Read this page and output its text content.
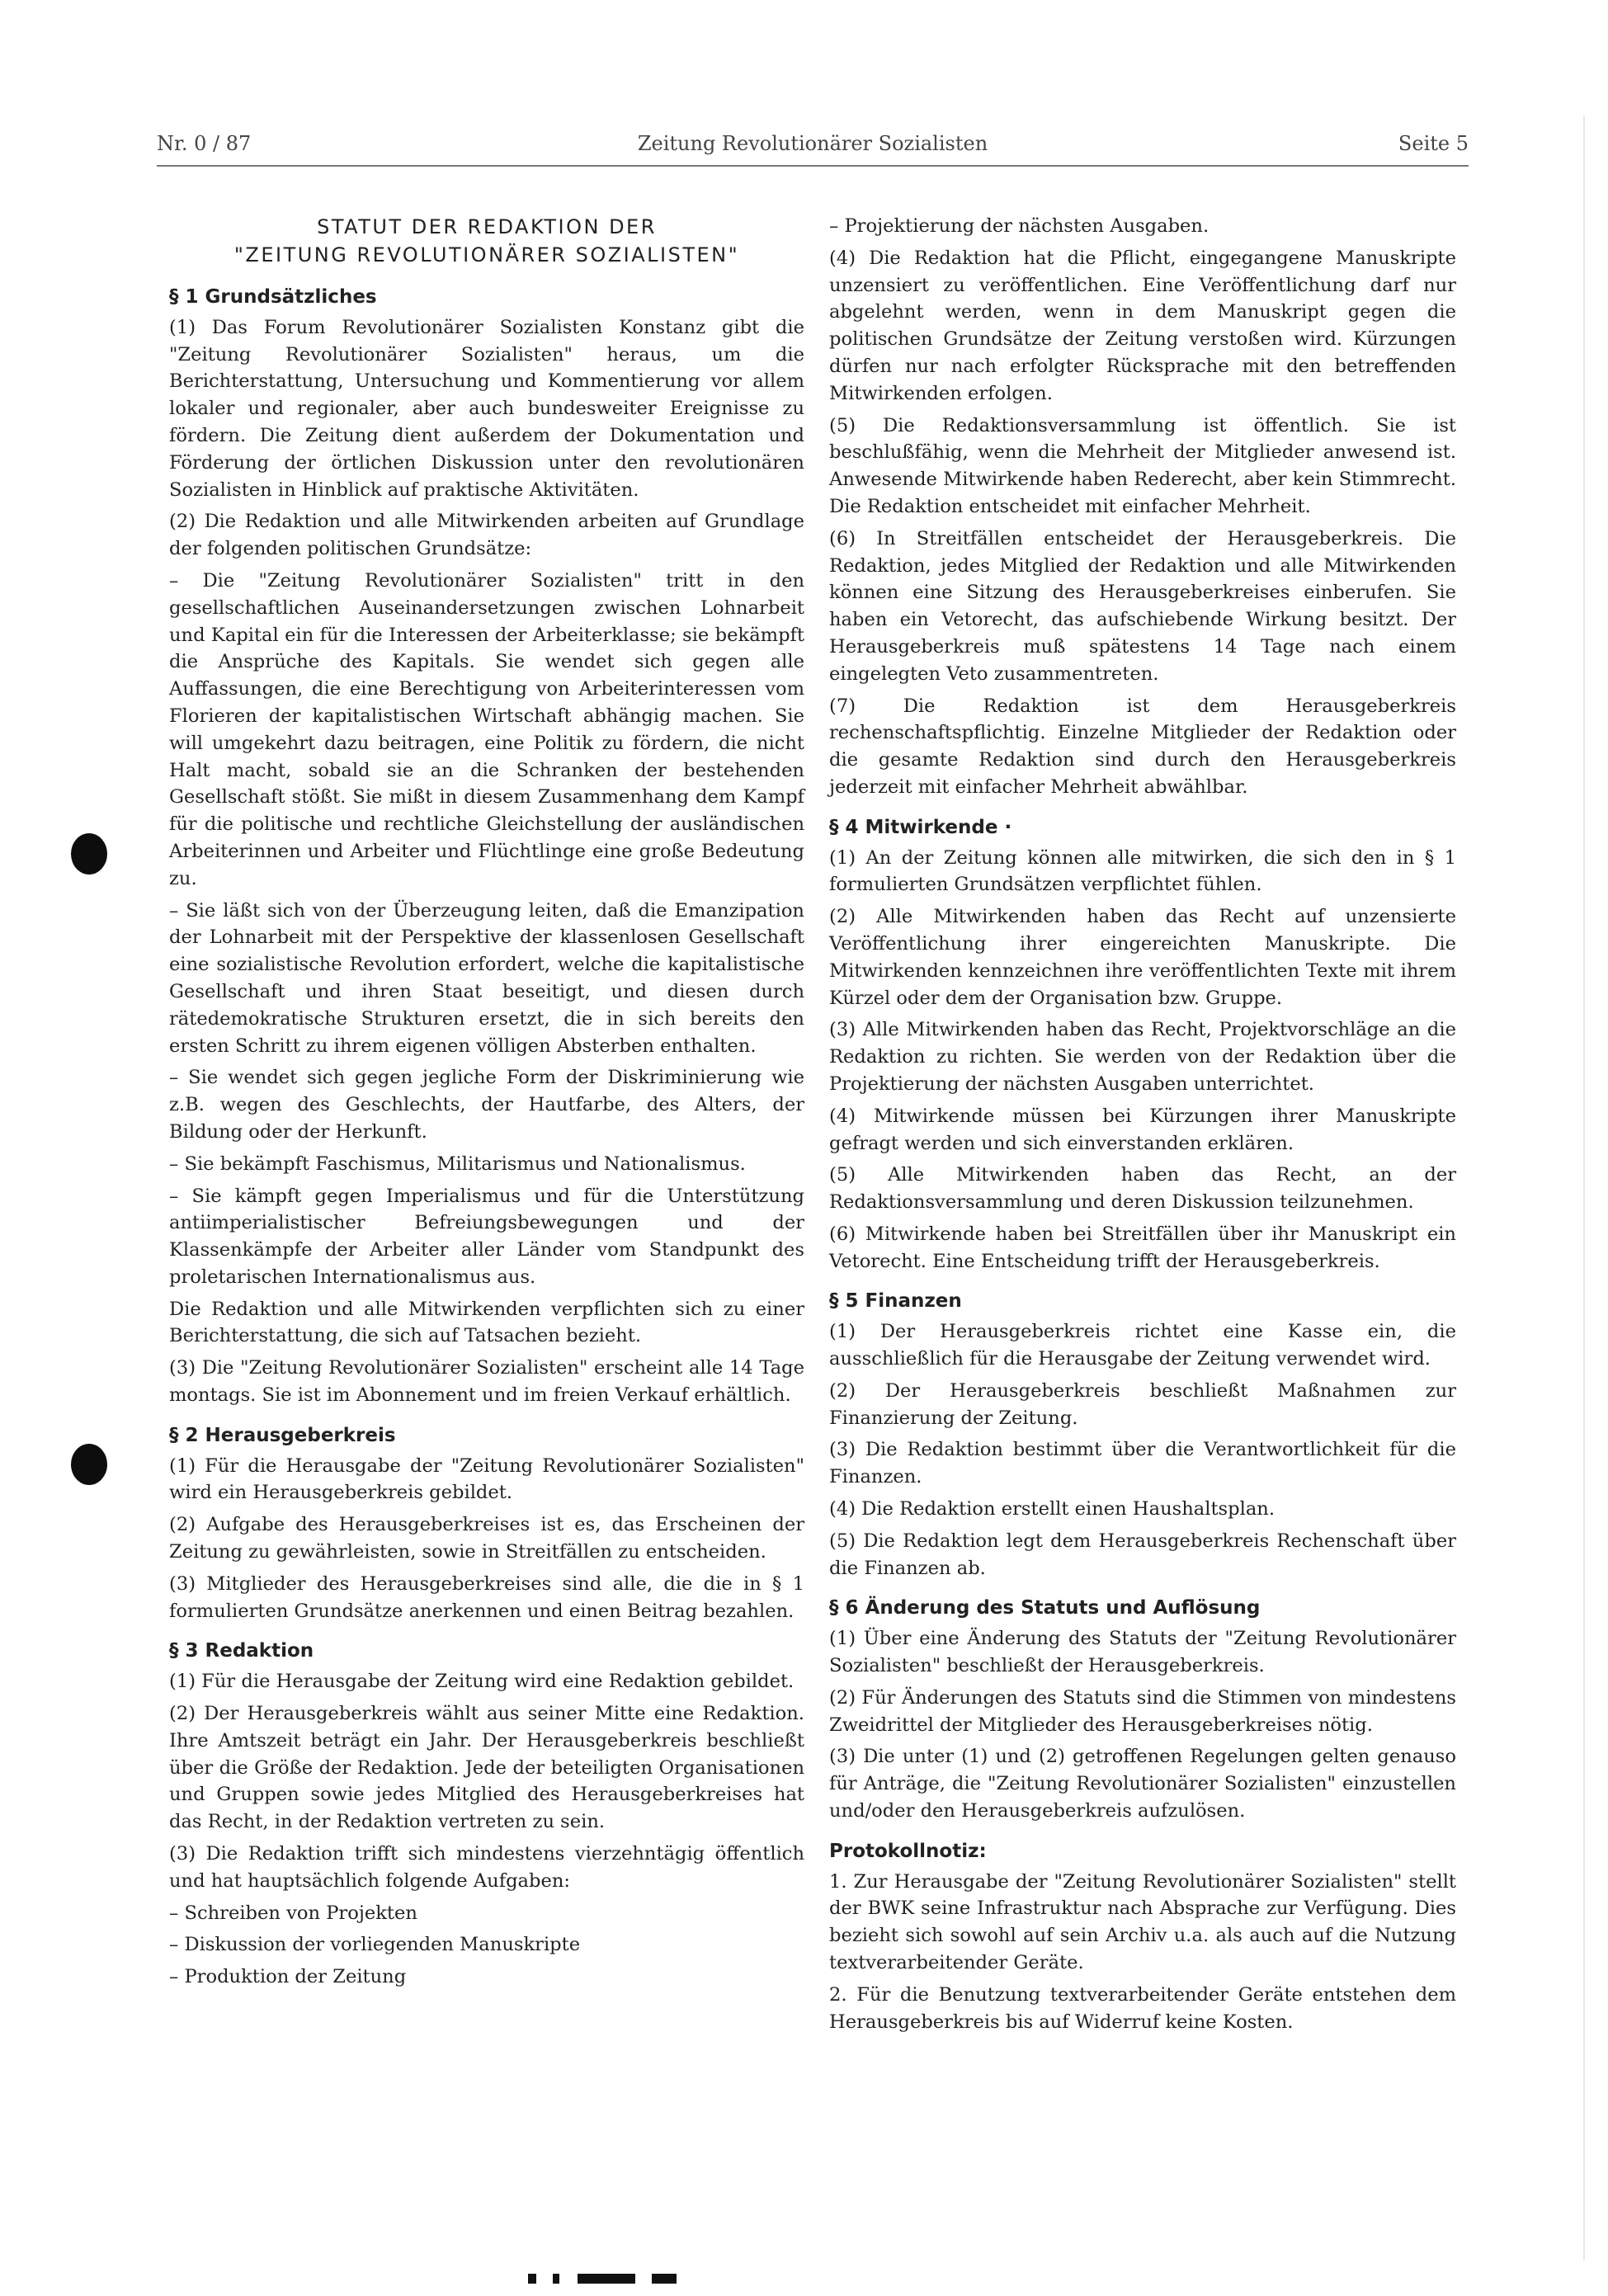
Nr. 0 / 87	Zeitung Revolutionärer Sozialisten	Seite 5
STATUT DER REDAKTION DER
"ZEITUNG REVOLUTIONÄRER SOZIALISTEN"
§ 1 Grundsätzliches

(1) Das Forum Revolutionärer Sozialisten Konstanz gibt die "Zeitung Revolutionärer Sozialisten" heraus, um die Berichterstattung, Untersuchung und Kommentierung vor allem lokaler und regionaler, aber auch bundesweiter Ereignisse zu fördern. Die Zeitung dient außerdem der Dokumentation und Förderung der örtlichen Diskussion unter den revolutionären Sozialisten in Hinblick auf praktische Aktivitäten.

(2) Die Redaktion und alle Mitwirkenden arbeiten auf Grundlage der folgenden politischen Grundsätze:

– Die "Zeitung Revolutionärer Sozialisten" tritt in den gesellschaftlichen Auseinandersetzungen zwischen Lohnarbeit und Kapital ein für die Interessen der Arbeiterklasse; sie bekämpft die Ansprüche des Kapitals. Sie wendet sich gegen alle Auffassungen, die eine Berechtigung von Arbeiterinteressen vom Florieren der kapitalistischen Wirtschaft abhängig machen. Sie will umgekehrt dazu beitragen, eine Politik zu fördern, die nicht Halt macht, sobald sie an die Schranken der bestehenden Gesellschaft stößt. Sie mißt in diesem Zusammenhang dem Kampf für die politische und rechtliche Gleichstellung der ausländischen Arbeiterinnen und Arbeiter und Flüchtlinge eine große Bedeutung zu.

– Sie läßt sich von der Überzeugung leiten, daß die Emanzipation der Lohnarbeit mit der Perspektive der klassenlosen Gesellschaft eine sozialistische Revolution erfordert, welche die kapitalistische Gesellschaft und ihren Staat beseitigt, und diesen durch rätedemokratische Strukturen ersetzt, die in sich bereits den ersten Schritt zu ihrem eigenen völligen Absterben enthalten.

– Sie wendet sich gegen jegliche Form der Diskriminierung wie z.B. wegen des Geschlechts, der Hautfarbe, des Alters, der Bildung oder der Herkunft.

– Sie bekämpft Faschismus, Militarismus und Nationalismus.

– Sie kämpft gegen Imperialismus und für die Unterstützung antiimperialistischer Befreiungsbewegungen und der Klassenkämpfe der Arbeiter aller Länder vom Standpunkt des proletarischen Internationalismus aus.

Die Redaktion und alle Mitwirkenden verpflichten sich zu einer Berichterstattung, die sich auf Tatsachen bezieht.

(3) Die "Zeitung Revolutionärer Sozialisten" erscheint alle 14 Tage montags. Sie ist im Abonnement und im freien Verkauf erhältlich.

§ 2 Herausgeberkreis

(1) Für die Herausgabe der "Zeitung Revolutionärer Sozialisten" wird ein Herausgeberkreis gebildet.

(2) Aufgabe des Herausgeberkreises ist es, das Erscheinen der Zeitung zu gewährleisten, sowie in Streitfällen zu entscheiden.

(3) Mitglieder des Herausgeberkreises sind alle, die die in § 1 formulierten Grundsätze anerkennen und einen Beitrag bezahlen.

§ 3 Redaktion

(1) Für die Herausgabe der Zeitung wird eine Redaktion gebildet.

(2) Der Herausgeberkreis wählt aus seiner Mitte eine Redaktion. Ihre Amtszeit beträgt ein Jahr. Der Herausgeberkreis beschließt über die Größe der Redaktion. Jede der beteiligten Organisationen und Gruppen sowie jedes Mitglied des Herausgeberkreises hat das Recht, in der Redaktion vertreten zu sein.

(3) Die Redaktion trifft sich mindestens vierzehntägig öffentlich und hat hauptsächlich folgende Aufgaben:

– Schreiben von Projekten

– Diskussion der vorliegenden Manuskripte

– Produktion der Zeitung

– Projektierung der nächsten Ausgaben.

(4) Die Redaktion hat die Pflicht, eingegangene Manuskripte unzensiert zu veröffentlichen. Eine Veröffentlichung darf nur abgelehnt werden, wenn in dem Manuskript gegen die politischen Grundsätze der Zeitung verstoßen wird. Kürzungen dürfen nur nach erfolgter Rücksprache mit den betreffenden Mitwirkenden erfolgen.

(5) Die Redaktionsversammlung ist öffentlich. Sie ist beschlußfähig, wenn die Mehrheit der Mitglieder anwesend ist. Anwesende Mitwirkende haben Rederecht, aber kein Stimmrecht. Die Redaktion entscheidet mit einfacher Mehrheit.

(6) In Streitfällen entscheidet der Herausgeberkreis. Die Redaktion, jedes Mitglied der Redaktion und alle Mitwirkenden können eine Sitzung des Herausgeberkreises einberufen. Sie haben ein Vetorecht, das aufschiebende Wirkung besitzt. Der Herausgeberkreis muß spätestens 14 Tage nach einem eingelegten Veto zusammentreten.

(7) Die Redaktion ist dem Herausgeberkreis rechenschaftspflichtig. Einzelne Mitglieder der Redaktion oder die gesamte Redaktion sind durch den Herausgeberkreis jederzeit mit einfacher Mehrheit abwählbar.

§ 4 Mitwirkende ·

(1) An der Zeitung können alle mitwirken, die sich den in § 1 formulierten Grundsätzen verpflichtet fühlen.

(2) Alle Mitwirkenden haben das Recht auf unzensierte Veröffentlichung ihrer eingereichten Manuskripte. Die Mitwirkenden kennzeichnen ihre veröffentlichten Texte mit ihrem Kürzel oder dem der Organisation bzw. Gruppe.

(3) Alle Mitwirkenden haben das Recht, Projektvorschläge an die Redaktion zu richten. Sie werden von der Redaktion über die Projektierung der nächsten Ausgaben unterrichtet.

(4) Mitwirkende müssen bei Kürzungen ihrer Manuskripte gefragt werden und sich einverstanden erklären.

(5) Alle Mitwirkenden haben das Recht, an der Redaktionsversammlung und deren Diskussion teilzunehmen.

(6) Mitwirkende haben bei Streitfällen über ihr Manuskript ein Vetorecht. Eine Entscheidung trifft der Herausgeberkreis.

§ 5 Finanzen

(1) Der Herausgeberkreis richtet eine Kasse ein, die ausschließlich für die Herausgabe der Zeitung verwendet wird.

(2) Der Herausgeberkreis beschließt Maßnahmen zur Finanzierung der Zeitung.

(3) Die Redaktion bestimmt über die Verantwortlichkeit für die Finanzen.

(4) Die Redaktion erstellt einen Haushaltsplan.

(5) Die Redaktion legt dem Herausgeberkreis Rechenschaft über die Finanzen ab.

§ 6 Änderung des Statuts und Auflösung

(1) Über eine Änderung des Statuts der "Zeitung Revolutionärer Sozialisten" beschließt der Herausgeberkreis.

(2) Für Änderungen des Statuts sind die Stimmen von mindestens Zweidrittel der Mitglieder des Herausgeberkreises nötig.

(3) Die unter (1) und (2) getroffenen Regelungen gelten genauso für Anträge, die "Zeitung Revolutionärer Sozialisten" einzustellen und/oder den Herausgeberkreis aufzulösen.

Protokollnotiz:

1. Zur Herausgabe der "Zeitung Revolutionärer Sozialisten" stellt der BWK seine Infrastruktur nach Absprache zur Verfügung. Dies bezieht sich sowohl auf sein Archiv u.a. als auch auf die Nutzung textverarbeitender Geräte.

2. Für die Benutzung textverarbeitender Geräte entstehen dem Herausgeberkreis bis auf Widerruf keine Kosten.
